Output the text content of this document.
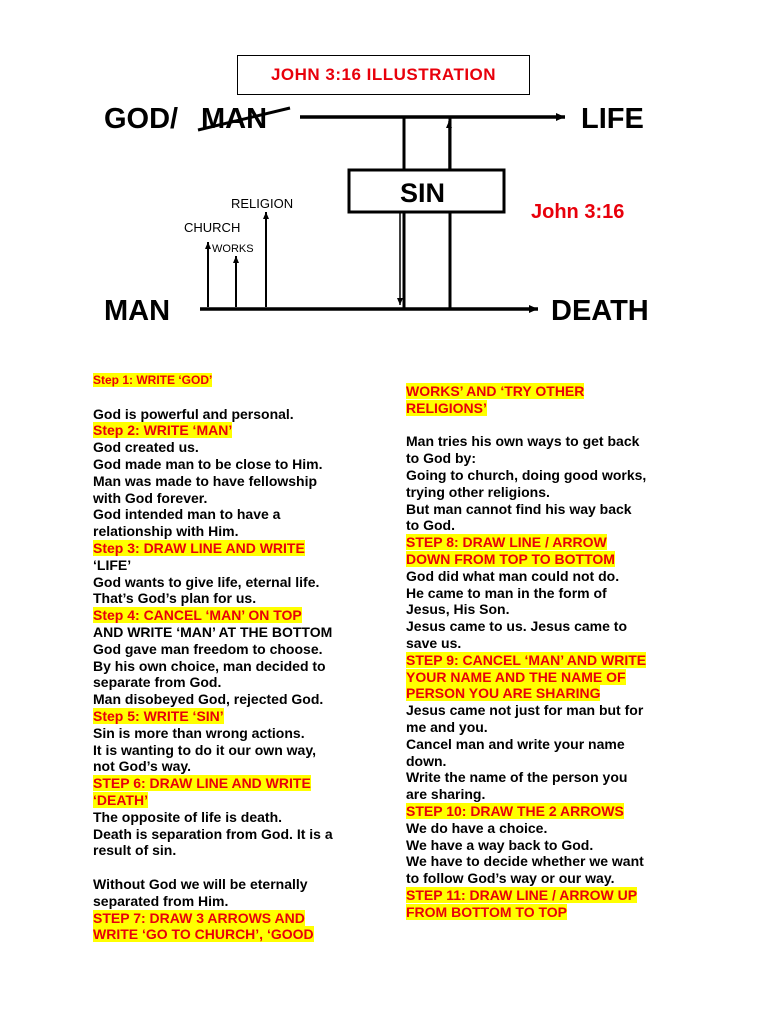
JOHN 3:16 ILLUSTRATION
GOD/ MAN	LIFE
SIN
John 3:16
RELIGION
CHURCH
WORKS
MAN	DEATH

Step 1: WRITE ‘GOD’

God is powerful and personal.

Step 2: WRITE ‘MAN’

God created us.

God made man to be close to Him.

Man was made to have fellowship

with God forever.

God intended man to have a

relationship with Him.

Step 3: DRAW LINE AND WRITE

‘LIFE’

God wants to give life, eternal life.

That’s God’s plan for us.

Step 4: CANCEL ‘MAN’ ON TOP

AND WRITE ‘MAN’ AT THE BOTTOM

God gave man freedom to choose.

By his own choice, man decided to

separate from God.

Man disobeyed God, rejected God.

Step 5: WRITE ‘SIN’

Sin is more than wrong actions.

It is wanting to do it our own way,

not God’s way.

STEP 6: DRAW LINE AND WRITE

‘DEATH’

The opposite of life is death.

Death is separation from God. It is a

result of sin.

Without God we will be eternally

separated from Him.

STEP 7: DRAW 3 ARROWS AND

WRITE ‘GO TO CHURCH’, ‘GOOD

WORKS’ AND ‘TRY OTHER

RELIGIONS’

Man tries his own ways to get back

to God by:

Going to church, doing good works,

trying other religions.

But man cannot find his way back

to God.

STEP 8: DRAW LINE / ARROW

DOWN FROM TOP TO BOTTOM

God did what man could not do.

He came to man in the form of

Jesus, His Son.

Jesus came to us. Jesus came to

save us.

STEP 9: CANCEL ‘MAN’ AND WRITE

YOUR NAME AND THE NAME OF

PERSON YOU ARE SHARING

Jesus came not just for man but for

me and you.

Cancel man and write your name

down.

Write the name of the person you

are sharing.

STEP 10: DRAW THE 2 ARROWS

We do have a choice.

We have a way back to God.

We have to decide whether we want

to follow God’s way or our way.

STEP 11: DRAW LINE / ARROW UP

FROM BOTTOM TO TOP
